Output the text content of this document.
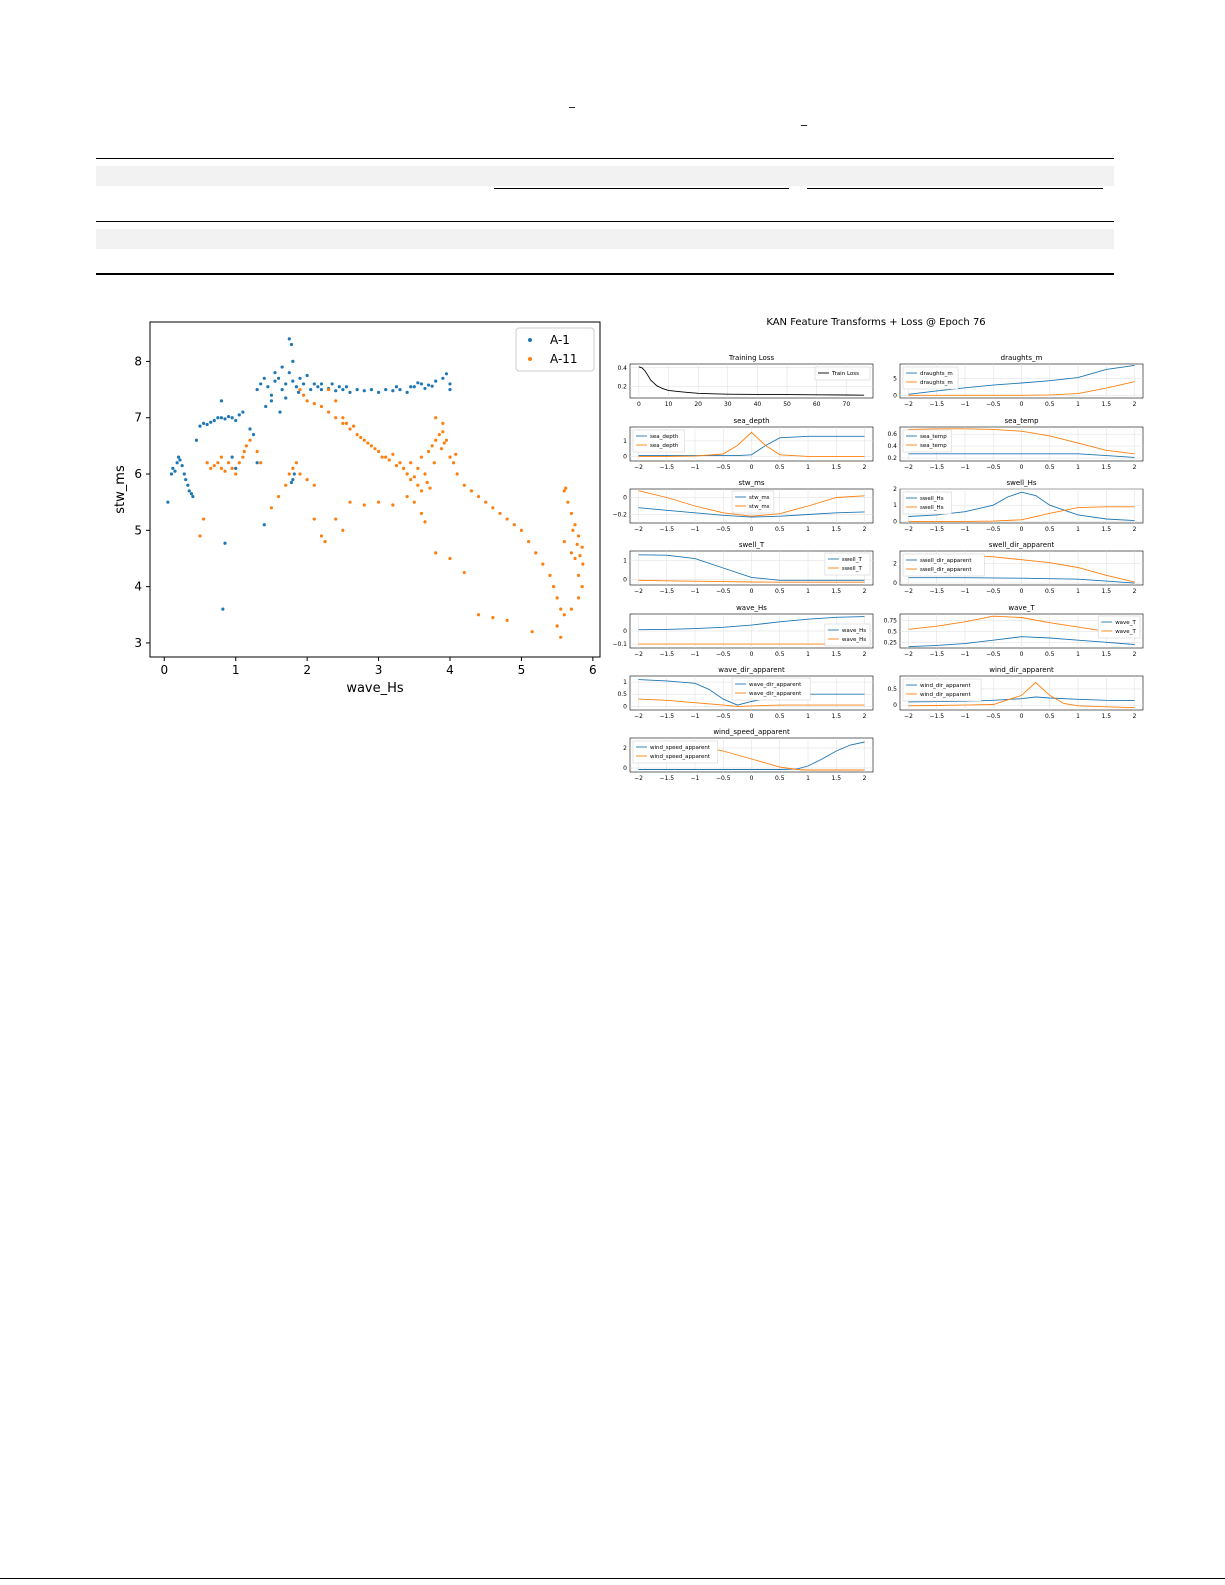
_
_
0	1	2	3	4	5	6
3
4
5
6
7
8
wave_Hs
stw_ms
A-1
A-11
KAN Feature Transforms + Loss @ Epoch 76
Training Loss
0	10	20	30	40	50	60	70
0.2
0.4
Train Loss
draughts_m
−2	−1.5	−1	−0.5	0	0.5	1	1.5	2
0
5
draughts_m
draughts_m
sea_depth
−2	−1.5	−1	−0.5	0	0.5	1	1.5	2
0
1
sea_depth
sea_depth
sea_temp
−2	−1.5	−1	−0.5	0	0.5	1	1.5	2
0.2
0.4
0.6	sea_temp
sea_temp
stw_ms
−2	−1.5	−1	−0.5	0	0.5	1	1.5	2
−0.2
0	stw_ms
stw_ms
swell_Hs
−2	−1.5	−1	−0.5	0	0.5	1	1.5	2
0
1
2
swell_Hs
swell_Hs
swell_T
−2	−1.5	−1	−0.5	0	0.5	1	1.5	2
0
1	swell_T
swell_T
swell_dir_apparent
−2	−1.5	−1	−0.5	0	0.5	1	1.5	2
0
2	swell_dir_apparent
swell_dir_apparent
wave_Hs
−2	−1.5	−1	−0.5	0	0.5	1	1.5	2
−0.1
0	wave_Hs
wave_Hs
wave_T
−2	−1.5	−1	−0.5	0	0.5	1	1.5	2
0.25
0.5
0.75	wave_T
wave_T
wave_dir_apparent
−2	−1.5	−1	−0.5	0	0.5	1	1.5	2
0
0.5
1	wave_dir_apparent
wave_dir_apparent
wind_dir_apparent
−2	−1.5	−1	−0.5	0	0.5	1	1.5	2
0
0.5	wind_dir_apparent
wind_dir_apparent
wind_speed_apparent
−2	−1.5	−1	−0.5	0	0.5	1	1.5	2
0
2	wind_speed_apparent
wind_speed_apparent
